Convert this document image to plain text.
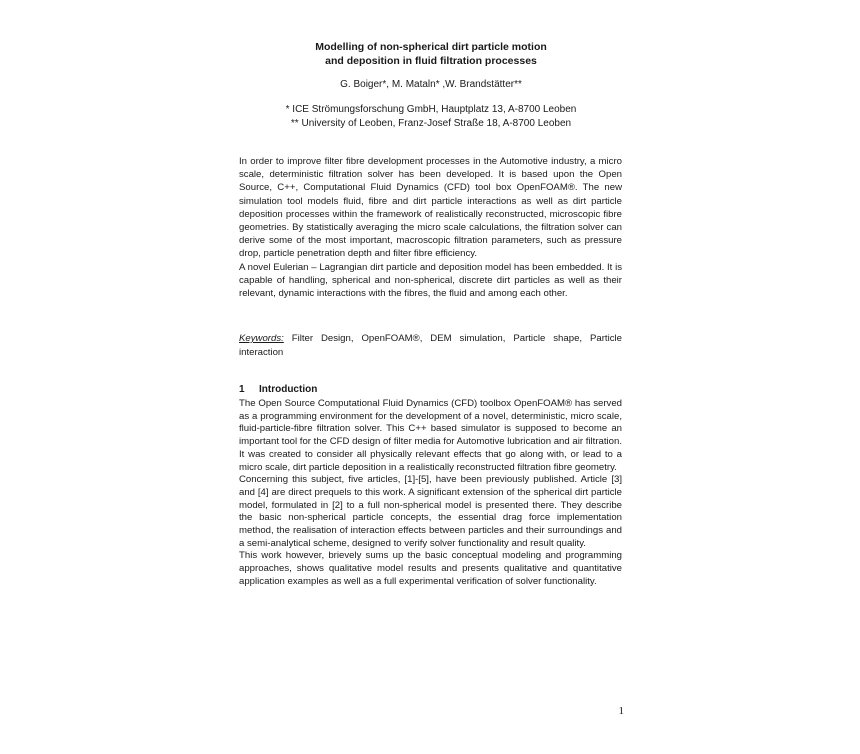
Modelling of non-spherical dirt particle motion
and deposition in fluid filtration processes
G. Boiger*, M. Mataln* ,W. Brandstätter**
* ICE Strömungsforschung GmbH, Hauptplatz 13, A-8700 Leoben
** University of Leoben, Franz-Josef Straße 18, A-8700 Leoben

In order to improve filter fibre development processes in the Automotive industry, a micro scale, deterministic filtration solver has been developed. It is based upon the Open Source, C++, Computational Fluid Dynamics (CFD) tool box OpenFOAM®. The new simulation tool models fluid, fibre and dirt particle interactions as well as dirt particle deposition processes within the framework of realistically reconstructed, microscopic fibre geometries. By statistically averaging the micro scale calculations, the filtration solver can derive some of the most important, macroscopic filtration parameters, such as pressure drop, particle penetration depth and filter fibre efficiency.

A novel Eulerian – Lagrangian dirt particle and deposition model has been embedded. It is capable of handling, spherical and non-spherical, discrete dirt particles as well as their relevant, dynamic interactions with the fibres, the fluid and among each other.

Keywords: Filter Design, OpenFOAM®, DEM simulation, Particle shape, Particle interaction
1 Introduction

The Open Source Computational Fluid Dynamics (CFD) toolbox OpenFOAM® has served as a programming environment for the development of a novel, deterministic, micro scale, fluid-particle-fibre filtration solver. This C++ based simulator is supposed to become an important tool for the CFD design of filter media for Automotive lubrication and air filtration. It was created to consider all physically relevant effects that go along with, or lead to a micro scale, dirt particle deposition in a realistically reconstructed filtration fibre geometry.

Concerning this subject, five articles, [1]-[5], have been previously published. Article [3] and [4] are direct prequels to this work. A significant extension of the spherical dirt particle model, formulated in [2] to a full non-spherical model is presented there. They describe the basic non-spherical particle concepts, the essential drag force implementation method, the realisation of interaction effects between particles and their surroundings and a semi-analytical scheme, designed to verify solver functionality and result quality.

This work however, brievely sums up the basic conceptual modeling and programming approaches, shows qualitative model results and presents qualitative and quantitative application examples as well as a full experimental verification of solver functionality.

1
